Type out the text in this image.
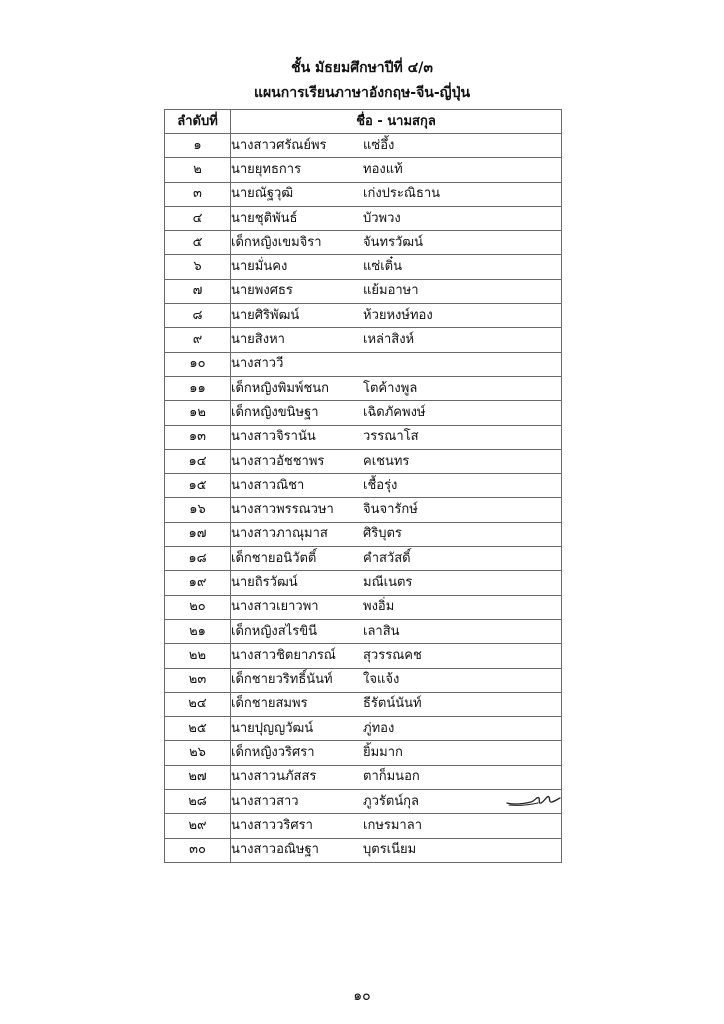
ชั้น มัธยมศึกษาปีที่ ๔/๓
แผนการเรียนภาษาอังกฤษ-จีน-ญี่ปุ่น
ลำดับที่	ชื่อ - นามสกุล
๑	นางสาวศรัณย์พร แซ่อึ้ง
๒	นายยุทธการ ทองแท้
๓	นายณัฐวุฒิ เก่งประณิธาน
๔	นายชุติพันธ์ บัวพวง
๕	เด็กหญิงเขมจิรา จันทรวัฒน์
๖	นายมั่นคง แซ่เติ๋น
๗	นายพงศธร แย้มอาษา
๘	นายศิริพัฒน์ ห้วยหงษ์ทอง
๙	นายสิงหา เหล่าสิงห์
๑๐	นางสาววี
๑๑	เด็กหญิงพิมพ์ชนก โตค้างพูล
๑๒	เด็กหญิงขนิษฐา เฉิดภัคพงษ์
๑๓	นางสาวจิรานัน วรรณาโส
๑๔	นางสาวอัชชาพร คเชนทร
๑๕	นางสาวณิชา เชื้อรุ่ง
๑๖	นางสาวพรรณวษา จินจารักษ์
๑๗	นางสาวภาณุมาส ศิริบุตร
๑๘	เด็กชายอนิวัตติ์ คำสวัสดิ์
๑๙	นายถิรวัฒน์ มณีเนตร
๒๐	นางสาวเยาวพา พงอิ่ม
๒๑	เด็กหญิงสไรขินี เลาสิน
๒๒	นางสาวชิตยาภรณ์ สุวรรณคช
๒๓	เด็กชายวริทธิ์นันท์ ใจแจ้ง
๒๔	เด็กชายสมพร ธีรัตน์นันท์
๒๕	นายปุญญวัฒน์ ภู่ทอง
๒๖	เด็กหญิงวริศรา ยิ้มมาก
๒๗	นางสาวนภัสสร ตาก็มนอก
๒๘	นางสาวสาว ภูวรัตน์กุล
๒๙	นางสาววริศรา เกษรมาลา
๓๐	นางสาวอณิษฐา บุตรเนียม
๑๐
